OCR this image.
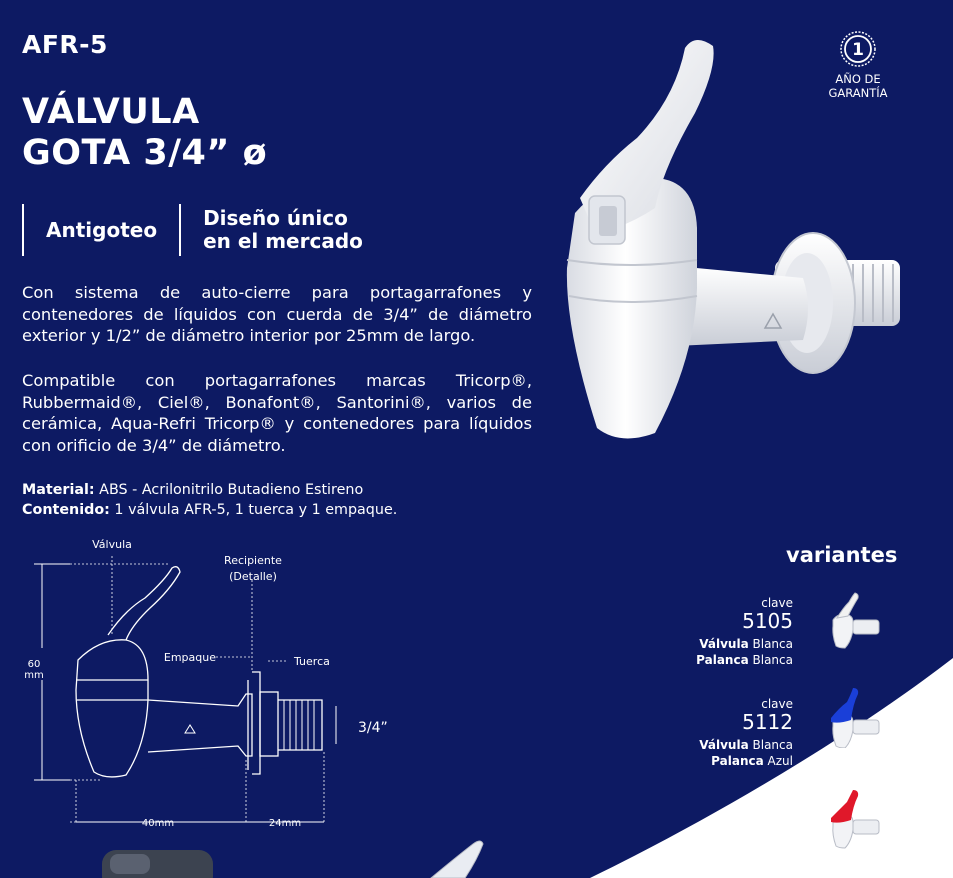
AFR-5
VÁLVULA
GOTA 3/4” ø
Antigoteo	Diseño único
en el mercado
Con sistema de auto-cierre para portagarrafones y contenedores de líquidos con cuerda de 3/4” de diámetro exterior y 1/2” de diámetro interior por 25mm de largo.
Compatible con portagarrafones marcas Tricorp®, Rubbermaid®, Ciel®, Bonafont®, Santorini®, varios de cerámica, Aqua-Refri Tricorp® y contenedores para líquidos con orificio de 3/4” de diámetro.
Material: ABS - Acrilonitrilo Butadieno Estireno
Contenido: 1 válvula AFR-5, 1 tuerca y 1 empaque.
1
AÑO DE
GARANTÍA
Válvula
Recipiente
(Detalle)
Empaque	Tuerca
60
mm
3/4”
40mm	24mm
variantes
clave
5105
Válvula Blanca
Palanca Blanca
clave
5112
Válvula Blanca
Palanca Azul
clave
5129
Válvula Blanca
Palanca Roja
